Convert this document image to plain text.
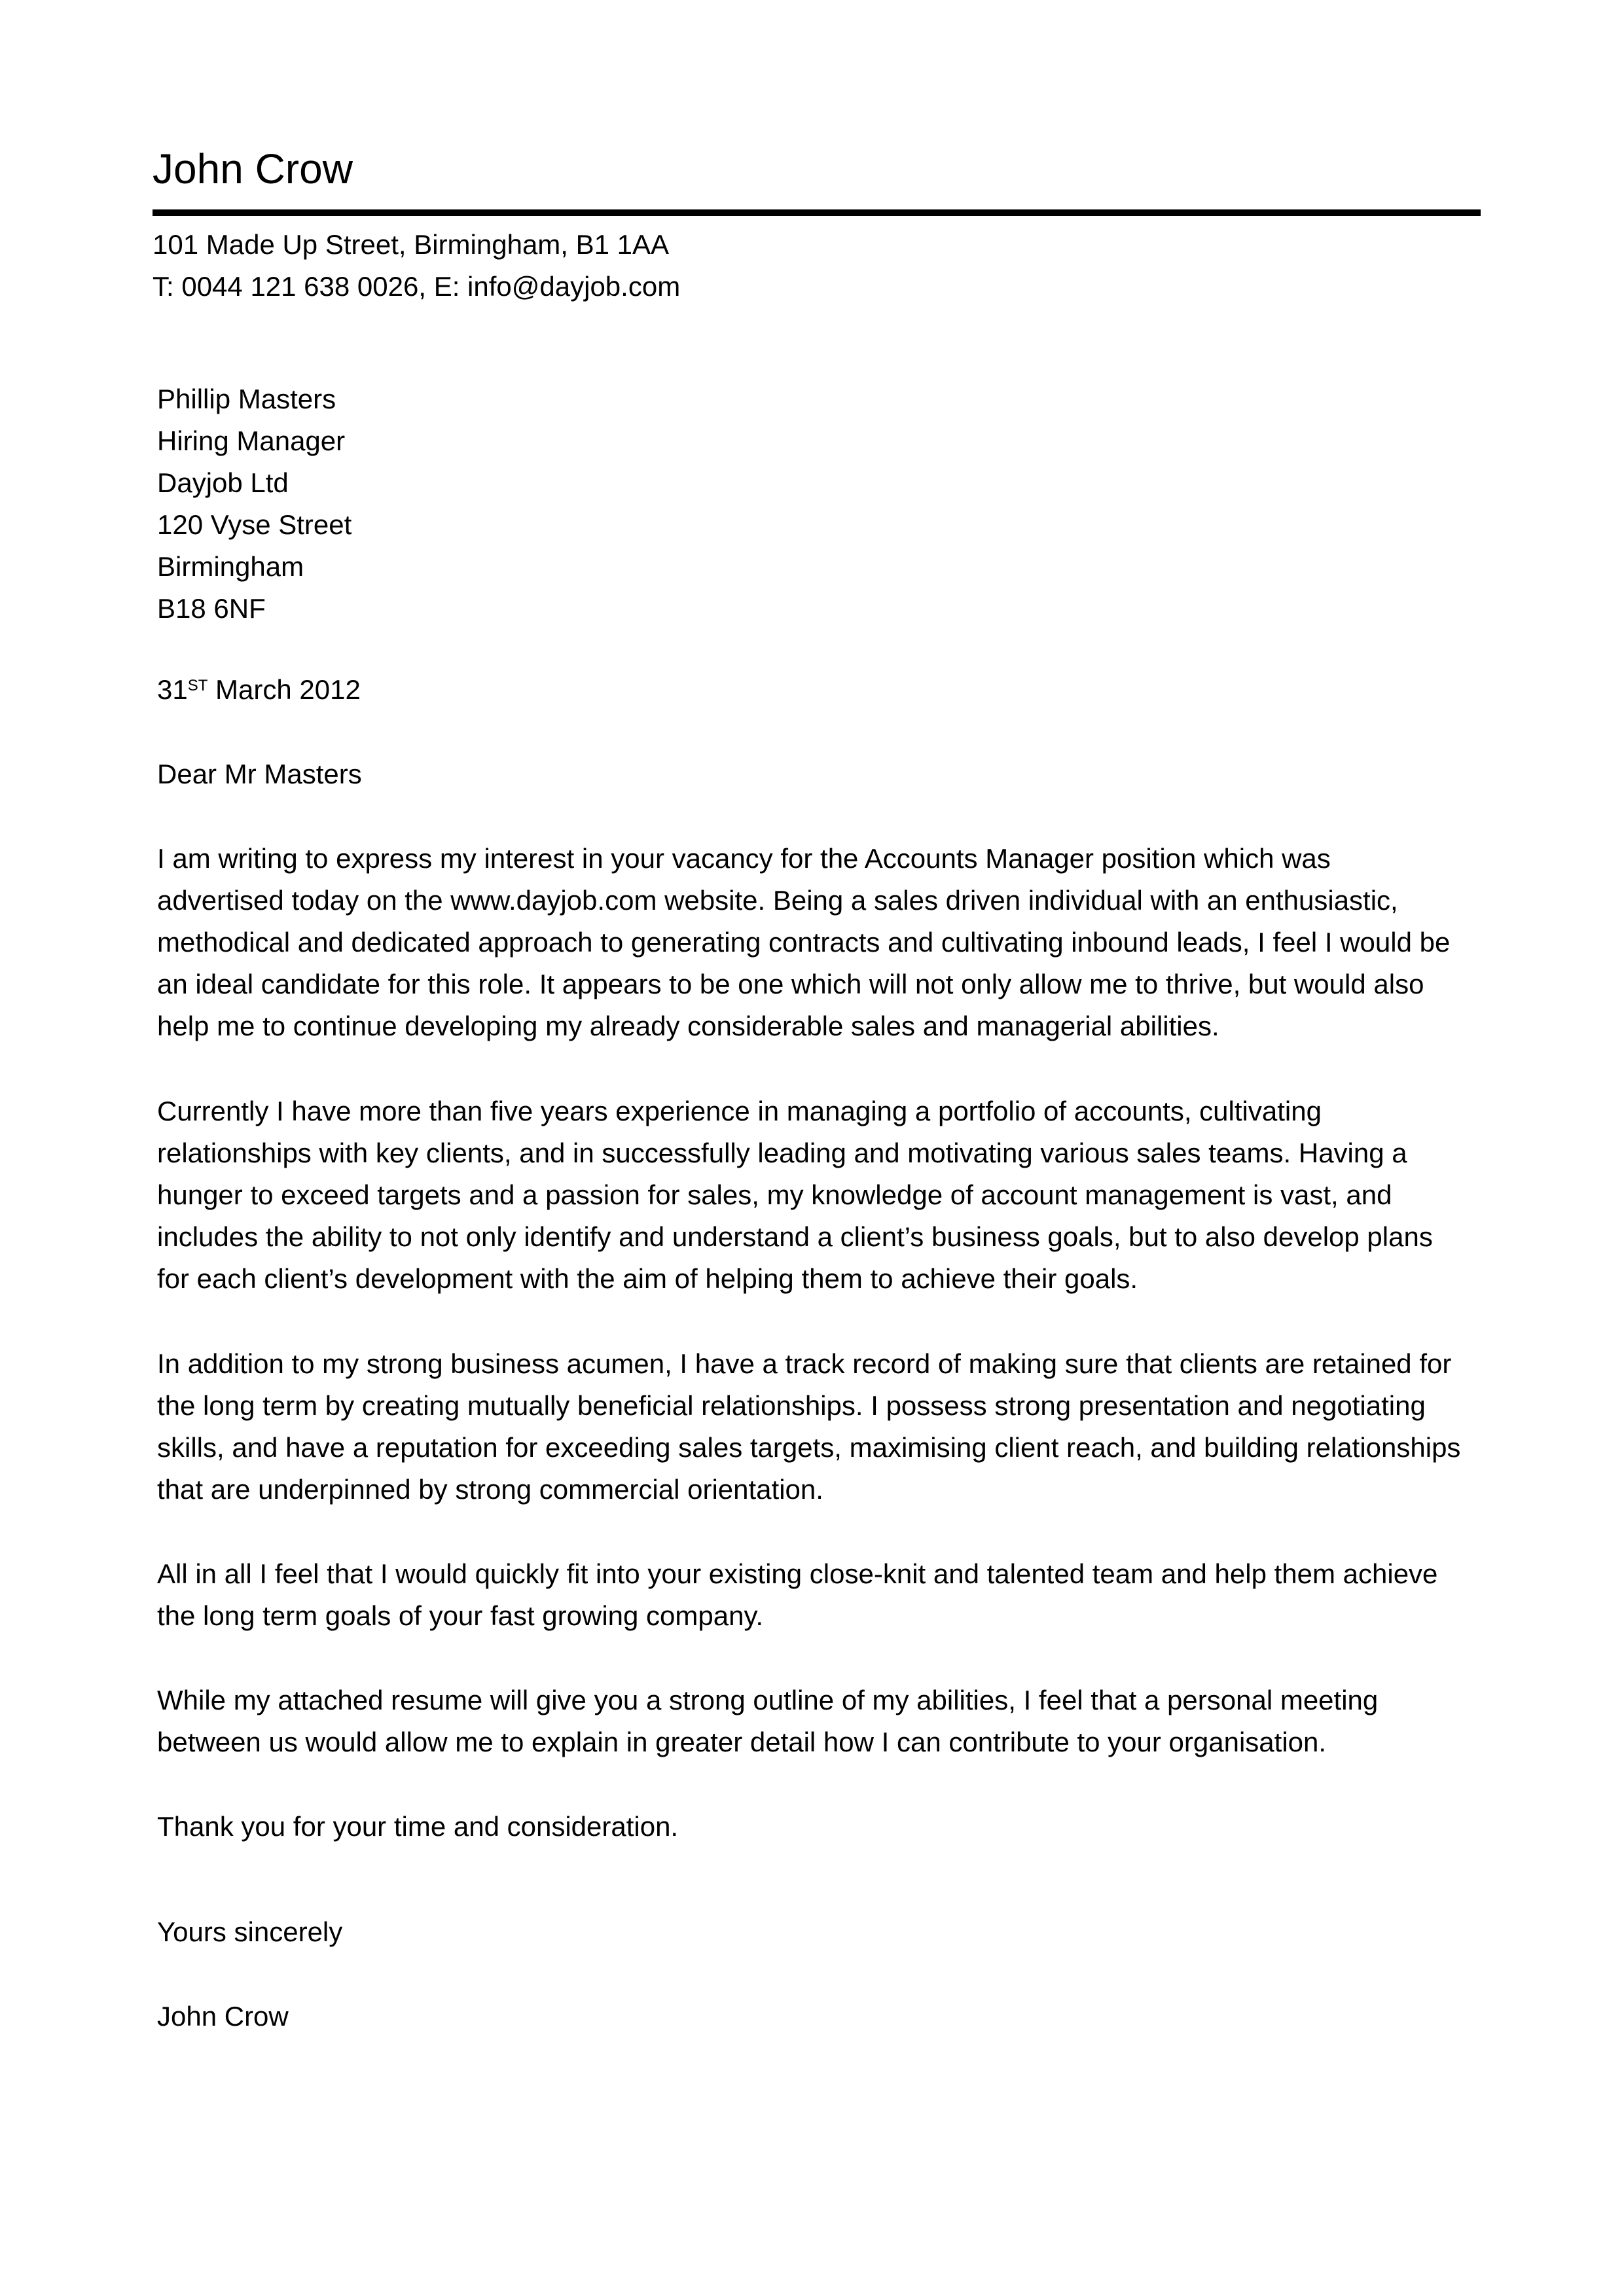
John Crow
101 Made Up Street, Birmingham, B1 1AA
T: 0044 121 638 0026, E: info@dayjob.com
Phillip Masters
Hiring Manager
Dayjob Ltd
120 Vyse Street
Birmingham
B18 6NF
31ST March 2012
Dear Mr Masters
I am writing to express my interest in your vacancy for the Accounts Manager position which was
advertised today on the www.dayjob.com website. Being a sales driven individual with an enthusiastic,
methodical and dedicated approach to generating contracts and cultivating inbound leads, I feel I would be
an ideal candidate for this role. It appears to be one which will not only allow me to thrive, but would also
help me to continue developing my already considerable sales and managerial abilities.
Currently I have more than five years experience in managing a portfolio of accounts, cultivating
relationships with key clients, and in successfully leading and motivating various sales teams. Having a
hunger to exceed targets and a passion for sales, my knowledge of account management is vast, and
includes the ability to not only identify and understand a client’s business goals, but to also develop plans
for each client’s development with the aim of helping them to achieve their goals.
In addition to my strong business acumen, I have a track record of making sure that clients are retained for
the long term by creating mutually beneficial relationships. I possess strong presentation and negotiating
skills, and have a reputation for exceeding sales targets, maximising client reach, and building relationships
that are underpinned by strong commercial orientation.
All in all I feel that I would quickly fit into your existing close-knit and talented team and help them achieve
the long term goals of your fast growing company.
While my attached resume will give you a strong outline of my abilities, I feel that a personal meeting
between us would allow me to explain in greater detail how I can contribute to your organisation.
Thank you for your time and consideration.
Yours sincerely
John Crow
